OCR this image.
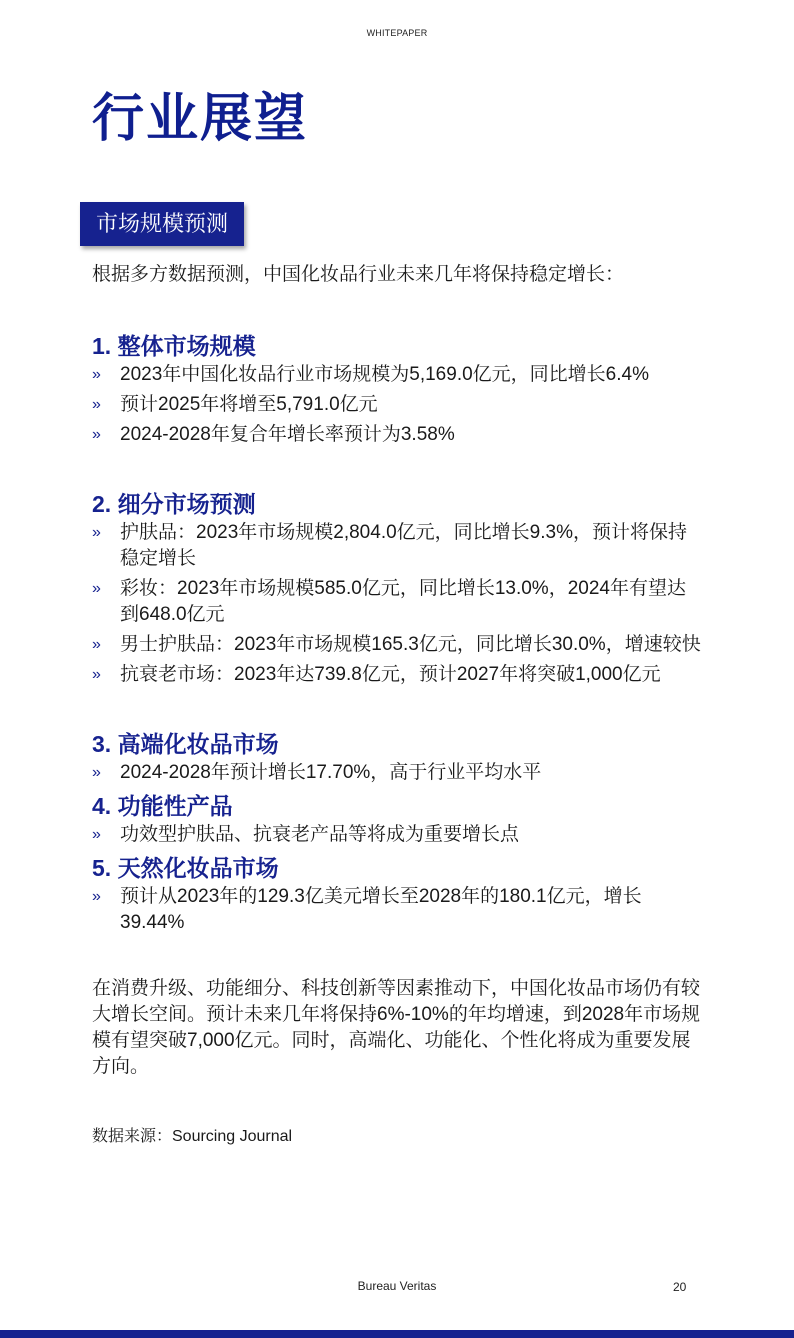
WHITEPAPER
行业展望
市场规模预测

根据多方数据预测，中国化妆品行业未来几年将保持稳定增长：

1. 整体市场规模
» 2023年中国化妆品行业市场规模为5,169.0亿元，同比增长6.4%
» 预计2025年将增至5,791.0亿元
» 2024-2028年复合年增长率预计为3.58%
2. 细分市场预测
» 护肤品：2023年市场规模2,804.0亿元，同比增长9.3%，预计将保持稳定增长
» 彩妆：2023年市场规模585.0亿元，同比增长13.0%，2024年有望达到648.0亿元
» 男士护肤品：2023年市场规模165.3亿元，同比增长30.0%，增速较快
» 抗衰老市场：2023年达739.8亿元，预计2027年将突破1,000亿元
3. 高端化妆品市场
» 2024-2028年预计增长17.70%，高于行业平均水平
4. 功能性产品
» 功效型护肤品、抗衰老产品等将成为重要增长点
5. 天然化妆品市场
» 预计从2023年的129.3亿美元增长至2028年的180.1亿元，增长39.44%

在消费升级、功能细分、科技创新等因素推动下，中国化妆品市场仍有较大增长空间。预计未来几年将保持6%-10%的年均增速，到2028年市场规模有望突破7,000亿元。同时，高端化、功能化、个性化将成为重要发展方向。

数据来源：Sourcing Journal

Bureau Veritas	20
